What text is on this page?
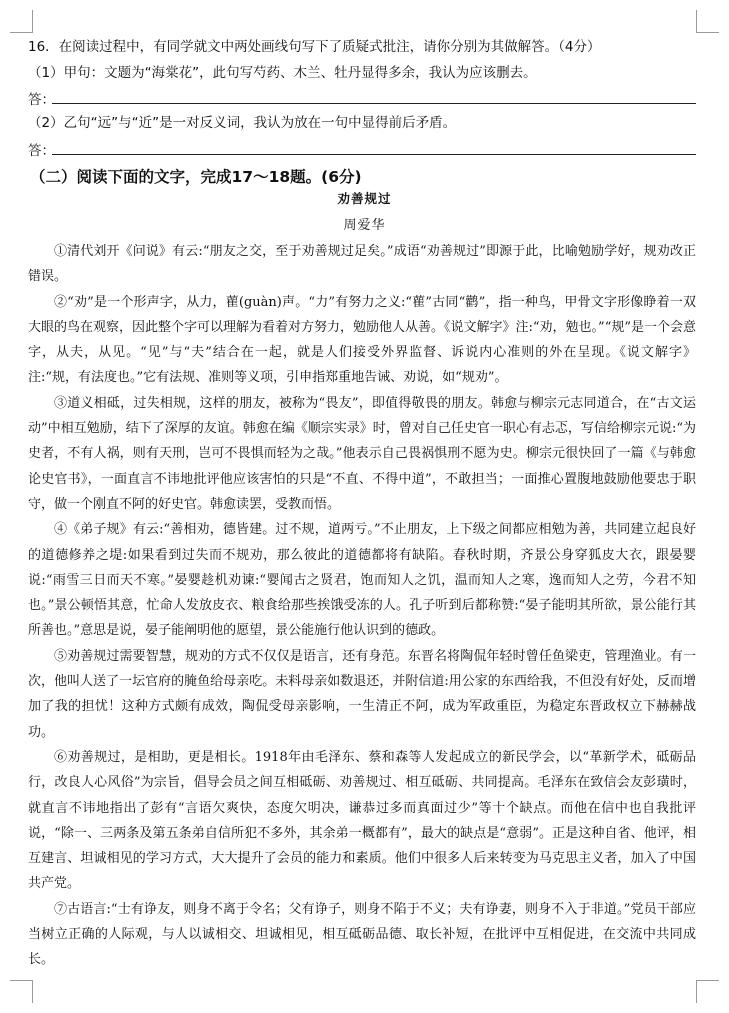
16．在阅读过程中，有同学就文中两处画线句写下了质疑式批注，请你分别为其做解答。（4分）
（1）甲句：文题为“海棠花”，此句写芍药、木兰、牡丹显得多余，我认为应该删去。
答：
（2）乙句“远”与“近”是一对反义词，我认为放在一句中显得前后矛盾。
答：
（二）阅读下面的文字，完成17～18题。(6分)
劝善规过
周爱华

①清代刘开《问说》有云:“朋友之交，至于劝善规过足矣。”成语“劝善规过”即源于此，比喻勉励学好，规劝改正错误。

②“劝”是一个形声字，从力，雚(guàn)声。“力”有努力之义:“雚”古同“鹳”，指一种鸟，甲骨文字形像睁着一双大眼的鸟在观察，因此整个字可以理解为看着对方努力，勉励他人从善。《说文解字》注:“劝，勉也。”“规”是一个会意字，从夫，从见。“见”与“夫”结合在一起，就是人们接受外界监督、诉说内心准则的外在呈现。《说文解字》注:“规，有法度也。”它有法规、准则等义项，引申指郑重地告诫、劝说，如“规劝”。

③道义相砥，过失相规，这样的朋友，被称为“畏友”，即值得敬畏的朋友。韩愈与柳宗元志同道合，在“古文运动”中相互勉励，结下了深厚的友谊。韩愈在编《顺宗实录》时，曾对自己任史官一职心有忐忑，写信给柳宗元说:“为史者，不有人祸，则有天刑，岂可不畏惧而轻为之哉。”他表示自己畏祸惧刑不愿为史。柳宗元很快回了一篇《与韩愈论史官书》，一面直言不讳地批评他应该害怕的只是“不直、不得中道”，不敢担当；一面推心置腹地鼓励他要忠于职守，做一个刚直不阿的好史官。韩愈读罢，受教而悟。

④《弟子规》有云:“善相劝，德皆建。过不规，道两亏。”不止朋友，上下级之间都应相勉为善，共同建立起良好的道德修养之堤:如果看到过失而不规劝，那么彼此的道德都将有缺陷。春秋时期，齐景公身穿狐皮大衣，跟晏婴说:“雨雪三日而天不寒。”晏婴趁机劝谏:“婴闻古之贤君，饱而知人之饥，温而知人之寒，逸而知人之劳，今君不知也。”景公顿悟其意，忙命人发放皮衣、粮食给那些挨饿受冻的人。孔子听到后都称赞:“晏子能明其所欲，景公能行其所善也。”意思是说，晏子能阐明他的愿望，景公能施行他认识到的德政。

⑤劝善规过需要智慧，规劝的方式不仅仅是语言，还有身范。东晋名将陶侃年轻时曾任鱼梁吏，管理渔业。有一次，他叫人送了一坛官府的腌鱼给母亲吃。未料母亲如数退还，并附信道:用公家的东西给我，不但没有好处，反而增加了我的担忧！这种方式颇有成效，陶侃受母亲影响，一生清正不阿，成为军政重臣，为稳定东晋政权立下赫赫战功。

⑥劝善规过，是相助，更是相长。1918年由毛泽东、蔡和森等人发起成立的新民学会，以“革新学术，砥砺品行，改良人心风俗”为宗旨，倡导会员之间互相砥砺、劝善规过、相互砥砺、共同提高。毛泽东在致信会友彭璜时，就直言不讳地指出了彭有“言语欠爽快，态度欠明决，谦恭过多而真面过少”等十个缺点。而他在信中也自我批评说，“除一、三两条及第五条弟自信所犯不多外，其余弟一概都有”，最大的缺点是“意弱”。正是这种自省、他评，相互建言、坦诚相见的学习方式，大大提升了会员的能力和素质。他们中很多人后来转变为马克思主义者，加入了中国共产党。

⑦古语言:“士有诤友，则身不离于令名；父有诤子，则身不陷于不义；夫有诤妻，则身不入于非道。”党员干部应当树立正确的人际观，与人以诚相交、坦诚相见，相互砥砺品德、取长补短，在批评中互相促进，在交流中共同成长。
